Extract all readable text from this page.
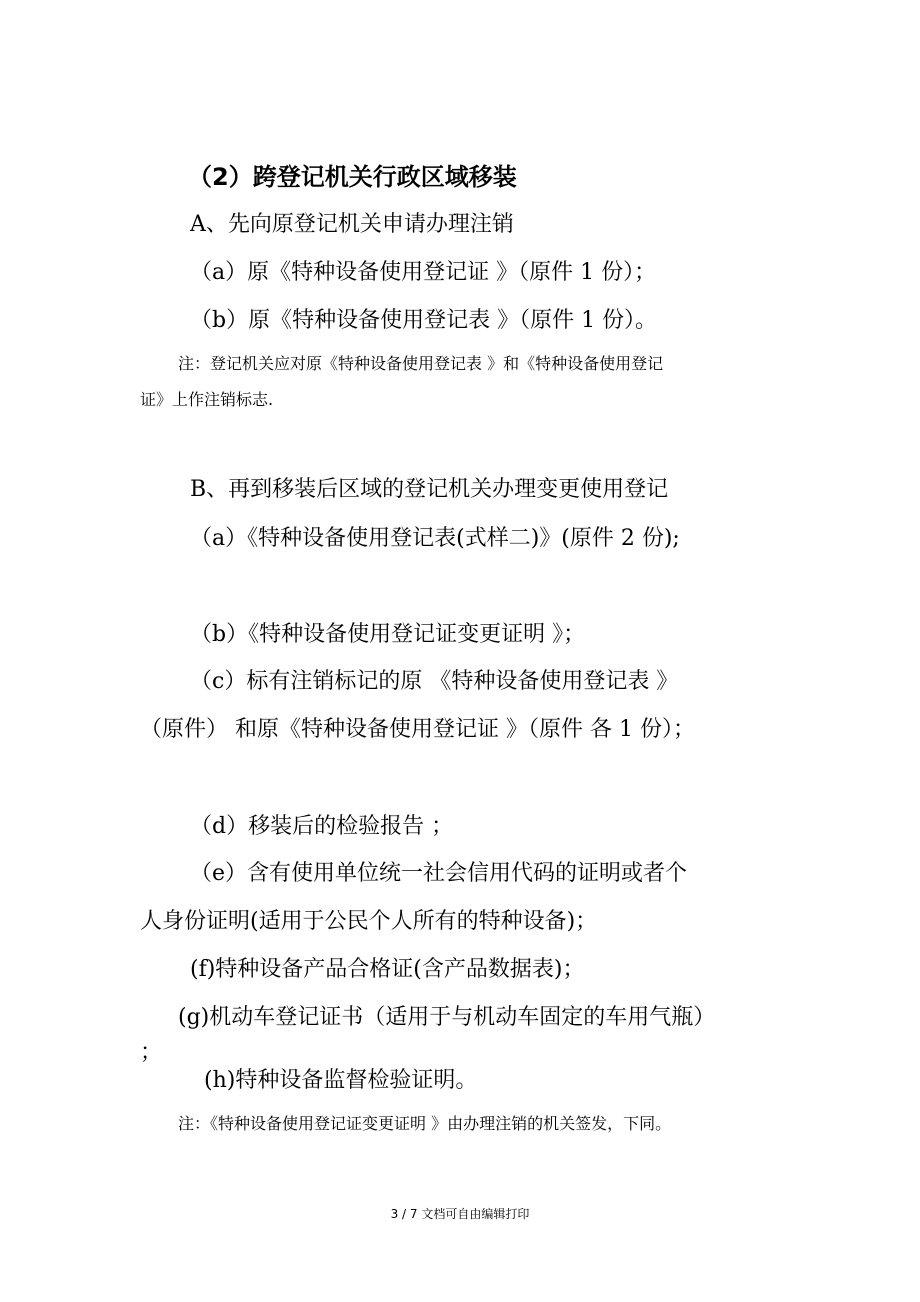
（2）跨登记机关行政区域移装
A、先向原登记机关申请办理注销
（a）原《特种设备使用登记证 》（原件 1 份）；
（b）原《特种设备使用登记表 》（原件 1 份）。
注：登记机关应对原《特种设备使用登记表 》和《特种设备使用登记
证》上作注销标志.
B、再到移装后区域的登记机关办理变更使用登记
（a）《特种设备使用登记表(式样二)》(原件 2 份);
（b）《特种设备使用登记证变更证明 》；
（c）标有注销标记的原 《特种设备使用登记表 》
（原件） 和原《特种设备使用登记证 》（原件 各 1 份）；
（d）移装后的检验报告 ；
（e）含有使用单位统一社会信用代码的证明或者个
人身份证明(适用于公民个人所有的特种设备)；
(f)特种设备产品合格证(含产品数据表)；
(g)机动车登记证书（适用于与机动车固定的车用气瓶）
；
(h)特种设备监督检验证明。
注：《特种设备使用登记证变更证明 》由办理注销的机关签发，下同。
3 / 7 文档可自由编辑打印
